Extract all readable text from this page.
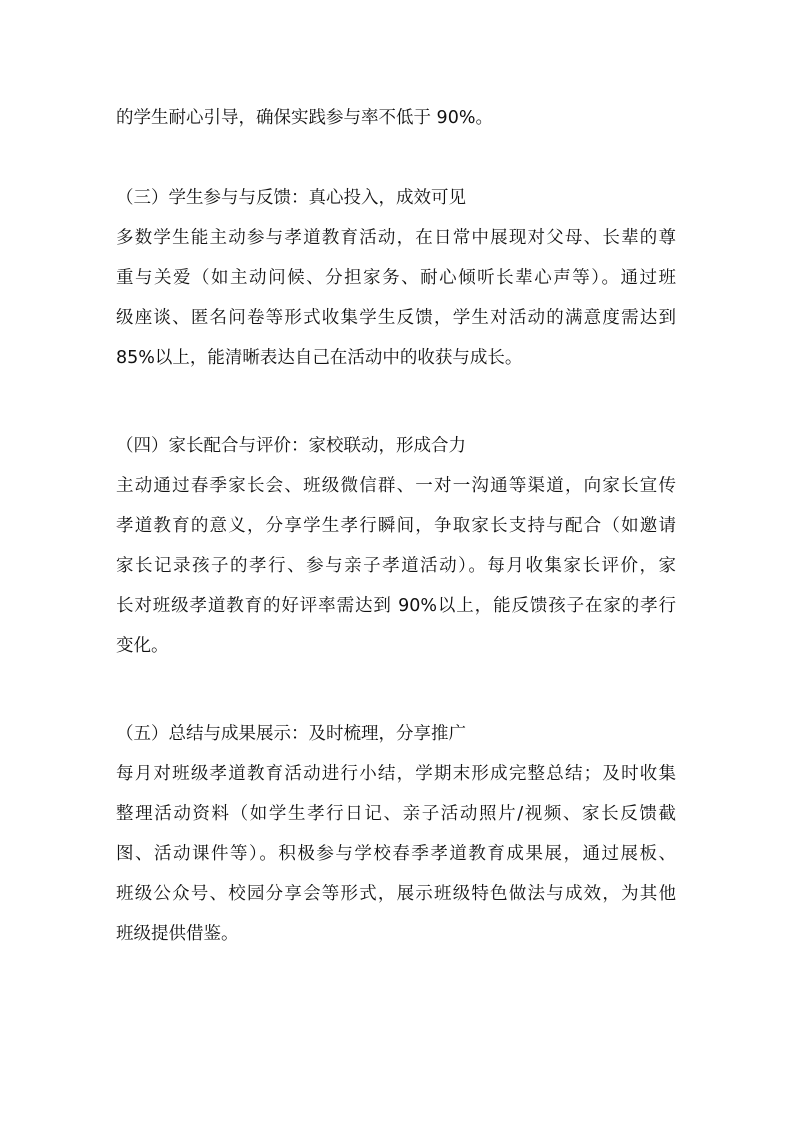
的学生耐心引导，确保实践参与率不低于 90%。
（三）学生参与与反馈：真心投入，成效可见
多数学生能主动参与孝道教育活动，在日常中展现对父母、长辈的尊
重与关爱（如主动问候、分担家务、耐心倾听长辈心声等）。通过班
级座谈、匿名问卷等形式收集学生反馈，学生对活动的满意度需达到
85%以上，能清晰表达自己在活动中的收获与成长。
（四）家长配合与评价：家校联动，形成合力
主动通过春季家长会、班级微信群、一对一沟通等渠道，向家长宣传
孝道教育的意义，分享学生孝行瞬间，争取家长支持与配合（如邀请
家长记录孩子的孝行、参与亲子孝道活动）。每月收集家长评价，家
长对班级孝道教育的好评率需达到 90%以上，能反馈孩子在家的孝行
变化。
（五）总结与成果展示：及时梳理，分享推广
每月对班级孝道教育活动进行小结，学期末形成完整总结；及时收集
整理活动资料（如学生孝行日记、亲子活动照片/视频、家长反馈截
图、活动课件等）。积极参与学校春季孝道教育成果展，通过展板、
班级公众号、校园分享会等形式，展示班级特色做法与成效，为其他
班级提供借鉴。
